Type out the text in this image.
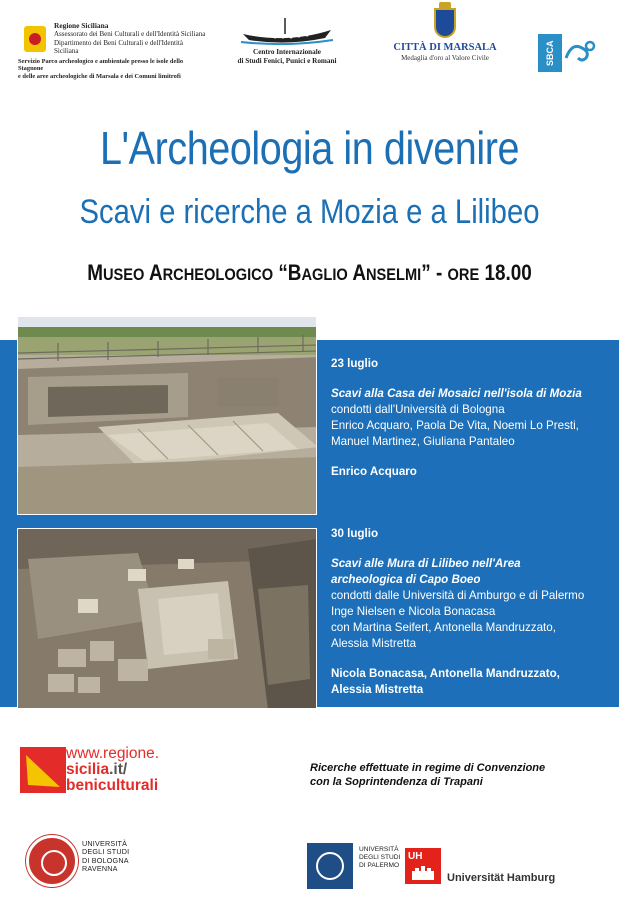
Regione Siciliana
Assessorato dei Beni Culturali e dell'Identità Siciliana
Dipartimento dei Beni Culturali e dell'Identità Siciliana
Servizio Parco archeologico e ambientale presso le isole dello Stagnone
e delle aree archeologiche di Marsala e dei Comuni limitrofi
Centro Internazionale
di Studi Fenici, Punici e Romani
CITTÀ DI MARSALA
Medaglia d'oro al Valore Civile	SBCA
L'Archeologia in divenire
Scavi e ricerche a Mozia e a Lilibeo
MUSEO ARCHEOLOGICO “BAGLIO ANSELMI” - ORE 18.00
23 luglio
Scavi alla Casa dei Mosaici nell'isola di Mozia
condotti dall'Università di Bologna
Enrico Acquaro, Paola De Vita, Noemi Lo Presti,
Manuel Martinez, Giuliana Pantaleo
Enrico Acquaro
30 luglio
Scavi alle Mura di Lilibeo nell'Area
archeologica di Capo Boeo
condotti dalle Università di Amburgo e di Palermo
Inge Nielsen e Nicola Bonacasa
con Martina Seifert, Antonella Mandruzzato,
Alessia Mistretta
Nicola Bonacasa, Antonella Mandruzzato,
Alessia Mistretta
www.regione.
sicilia.it/
beniculturali
Ricerche effettuate in regime di Convenzione
con la Soprintendenza di Trapani
UNIVERSITÀ
DEGLI STUDI
DI BOLOGNA
RAVENNA
UNIVERSITÀ
DEGLI STUDI
DI PALERMO
UH
Universität Hamburg
